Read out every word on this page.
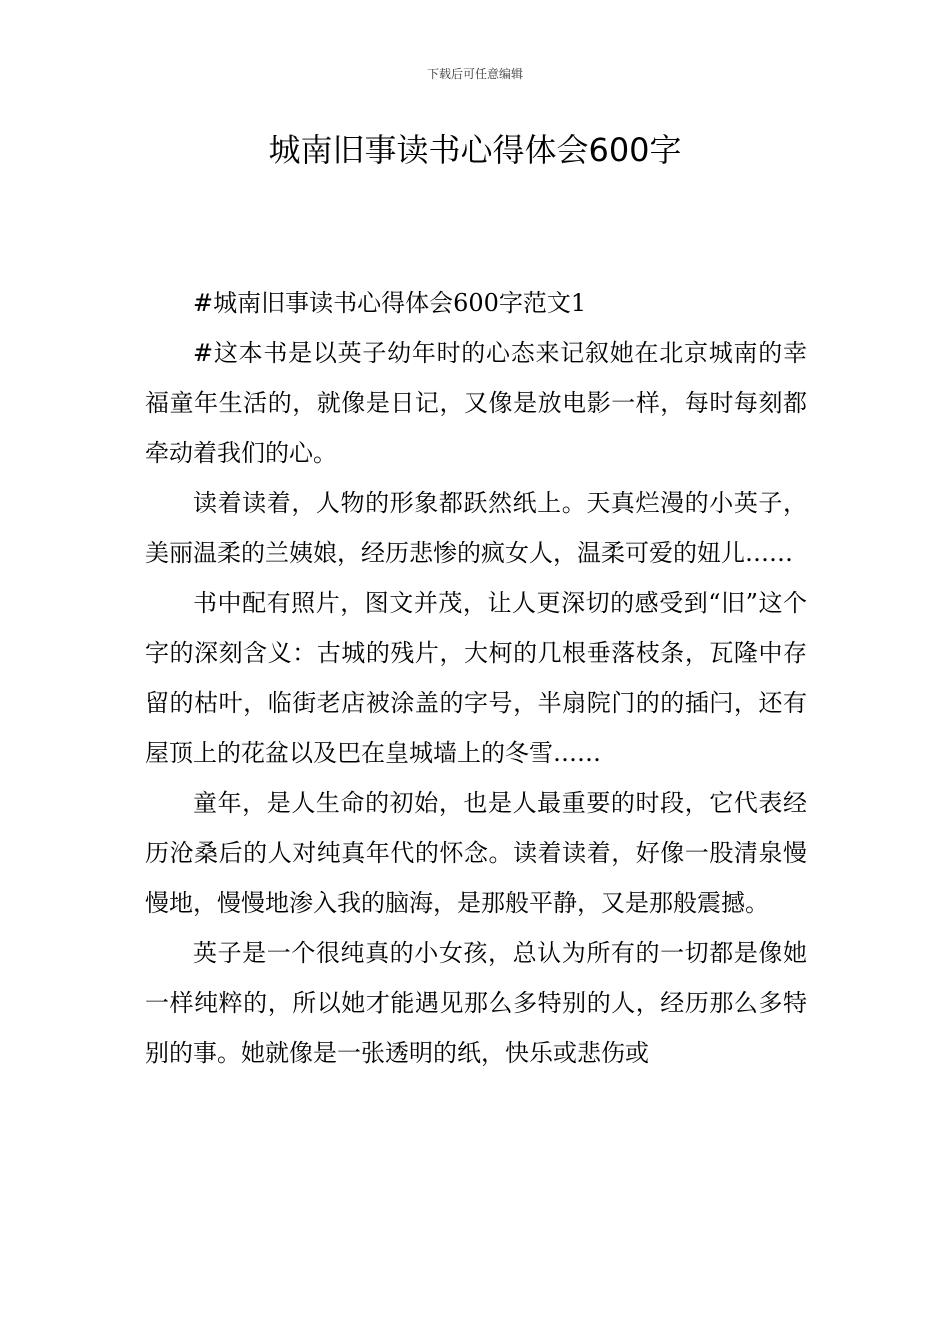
下载后可任意编辑
城南旧事读书心得体会600字

#城南旧事读书心得体会600字范文1

#这本书是以英子幼年时的心态来记叙她在北京城南的幸福童年生活的，就像是日记，又像是放电影一样，每时每刻都牵动着我们的心。

读着读着，人物的形象都跃然纸上。天真烂漫的小英子，美丽温柔的兰姨娘，经历悲惨的疯女人，温柔可爱的妞儿……

书中配有照片，图文并茂，让人更深切的感受到“旧”这个字的深刻含义：古城的残片，大柯的几根垂落枝条，瓦隆中存留的枯叶，临街老店被涂盖的字号，半扇院门的的插闩，还有屋顶上的花盆以及巴在皇城墙上的冬雪……

童年，是人生命的初始，也是人最重要的时段，它代表经历沧桑后的人对纯真年代的怀念。读着读着，好像一股清泉慢慢地，慢慢地渗入我的脑海，是那般平静，又是那般震撼。

英子是一个很纯真的小女孩，总认为所有的一切都是像她一样纯粹的，所以她才能遇见那么多特别的人，经历那么多特别的事。她就像是一张透明的纸，快乐或悲伤或
